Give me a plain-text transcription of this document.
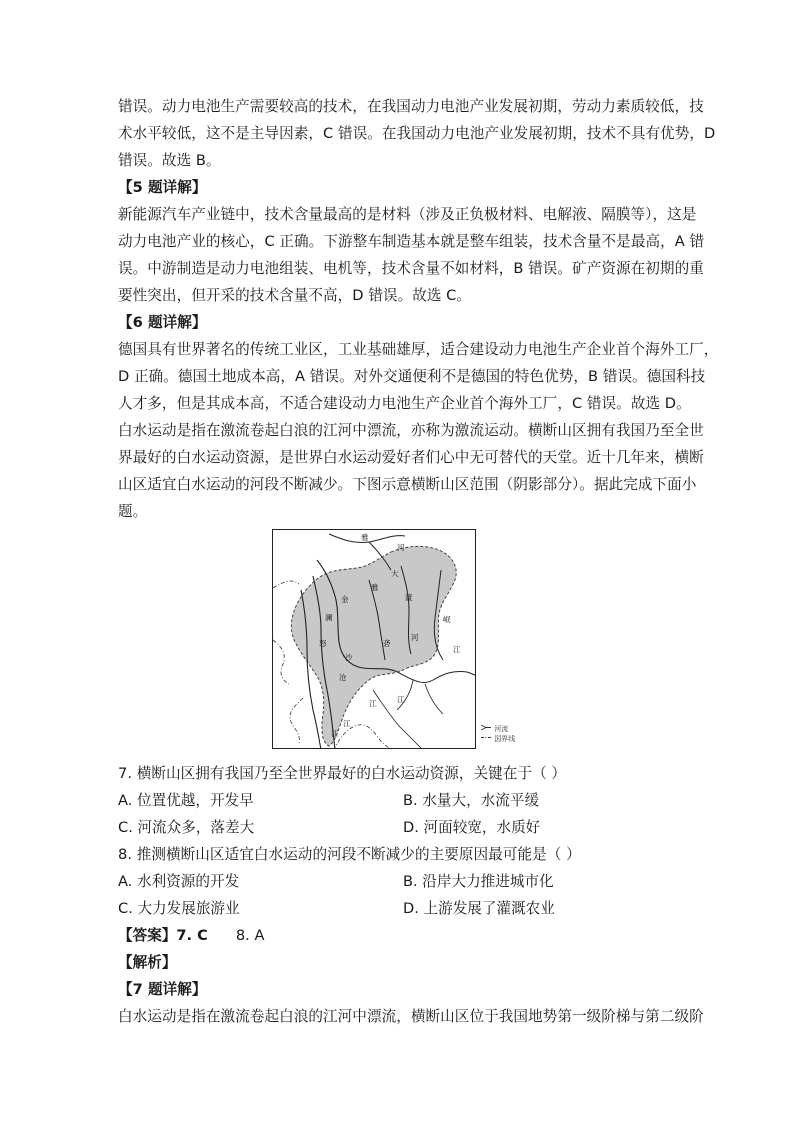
错误。动力电池生产需要较高的技术，在我国动力电池产业发展初期，劳动力素质较低，技
术水平较低，这不是主导因素，C 错误。在我国动力电池产业发展初期，技术不具有优势，D
错误。故选 B。
【5 题详解】
新能源汽车产业链中，技术含量最高的是材料（涉及正负极材料、电解液、隔膜等），这是
动力电池产业的核心，C 正确。下游整车制造基本就是整车组装，技术含量不是最高，A 错
误。中游制造是动力电池组装、电机等，技术含量不如材料，B 错误。矿产资源在初期的重
要性突出，但开采的技术含量不高，D 错误。故选 C。
【6 题详解】
德国具有世界著名的传统工业区，工业基础雄厚，适合建设动力电池生产企业首个海外工厂，
D 正确。德国土地成本高，A 错误。对外交通便利不是德国的特色优势，B 错误。德国科技
人才多，但是其成本高，不适合建设动力电池生产企业首个海外工厂，C 错误。故选 D。
白水运动是指在激流卷起白浪的江河中漂流，亦称为激流运动。横断山区拥有我国乃至全世
界最好的白水运动资源，是世界白水运动爱好者们心中无可替代的天堂。近十几年来，横断
山区适宜白水运动的河段不断减少。下图示意横断山区范围（阴影部分）。据此完成下面小
题。
雅
河
大
金	渡
澜	岷
怒
沙
河
沧
雅
江
砻
江	江
江
江	河流
国界线
7. 横断山区拥有我国乃至全世界最好的白水运动资源，关键在于（ ）
A. 位置优越，开发早	B. 水量大，水流平缓
C. 河流众多，落差大	D. 河面较宽，水质好
8. 推测横断山区适宜白水运动的河段不断减少的主要原因最可能是（ ）
A. 水利资源的开发	B. 沿岸大力推进城市化
C. 大力发展旅游业	D. 上游发展了灌溉农业
【答案】7. C 8. A
【解析】
【7 题详解】
白水运动是指在激流卷起白浪的江河中漂流，横断山区位于我国地势第一级阶梯与第二级阶
